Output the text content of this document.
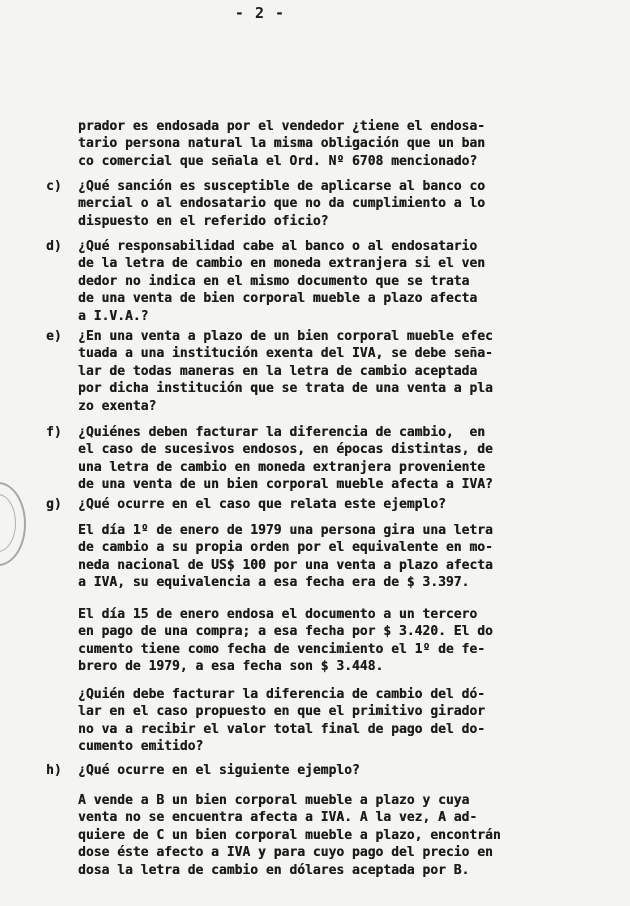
- 2 -
prador es endosada por el vendedor ¿tiene el endosa-
tario persona natural la misma obligación que un ban
co comercial que señala el Ord. Nº 6708 mencionado?
c) ¿Qué sanción es susceptible de aplicarse al banco co
mercial o al endosatario que no da cumplimiento a lo
dispuesto en el referido oficio?
d) ¿Qué responsabilidad cabe al banco o al endosatario
de la letra de cambio en moneda extranjera si el ven
dedor no indica en el mismo documento que se trata
de una venta de bien corporal mueble a plazo afecta
a I.V.A.?
e) ¿En una venta a plazo de un bien corporal mueble efec
tuada a una institución exenta del IVA, se debe seña-
lar de todas maneras en la letra de cambio aceptada
por dicha institución que se trata de una venta a pla
zo exenta?
f) ¿Quiénes deben facturar la diferencia de cambio,  en
el caso de sucesivos endosos, en épocas distintas, de
una letra de cambio en moneda extranjera proveniente
de una venta de un bien corporal mueble afecta a IVA?
g) ¿Qué ocurre en el caso que relata este ejemplo?
El día 1º de enero de 1979 una persona gira una letra
de cambio a su propia orden por el equivalente en mo-
neda nacional de US$ 100 por una venta a plazo afecta
a IVA, su equivalencia a esa fecha era de $ 3.397.
El día 15 de enero endosa el documento a un tercero
en pago de una compra; a esa fecha por $ 3.420. El do
cumento tiene como fecha de vencimiento el 1º de fe-
brero de 1979, a esa fecha son $ 3.448.
¿Quién debe facturar la diferencia de cambio del dó-
lar en el caso propuesto en que el primitivo girador
no va a recibir el valor total final de pago del do-
cumento emitido?
h) ¿Qué ocurre en el siguiente ejemplo?
A vende a B un bien corporal mueble a plazo y cuya
venta no se encuentra afecta a IVA. A la vez, A ad-
quiere de C un bien corporal mueble a plazo, encontrán
dose éste afecto a IVA y para cuyo pago del precio en
dosa la letra de cambio en dólares aceptada por B.
